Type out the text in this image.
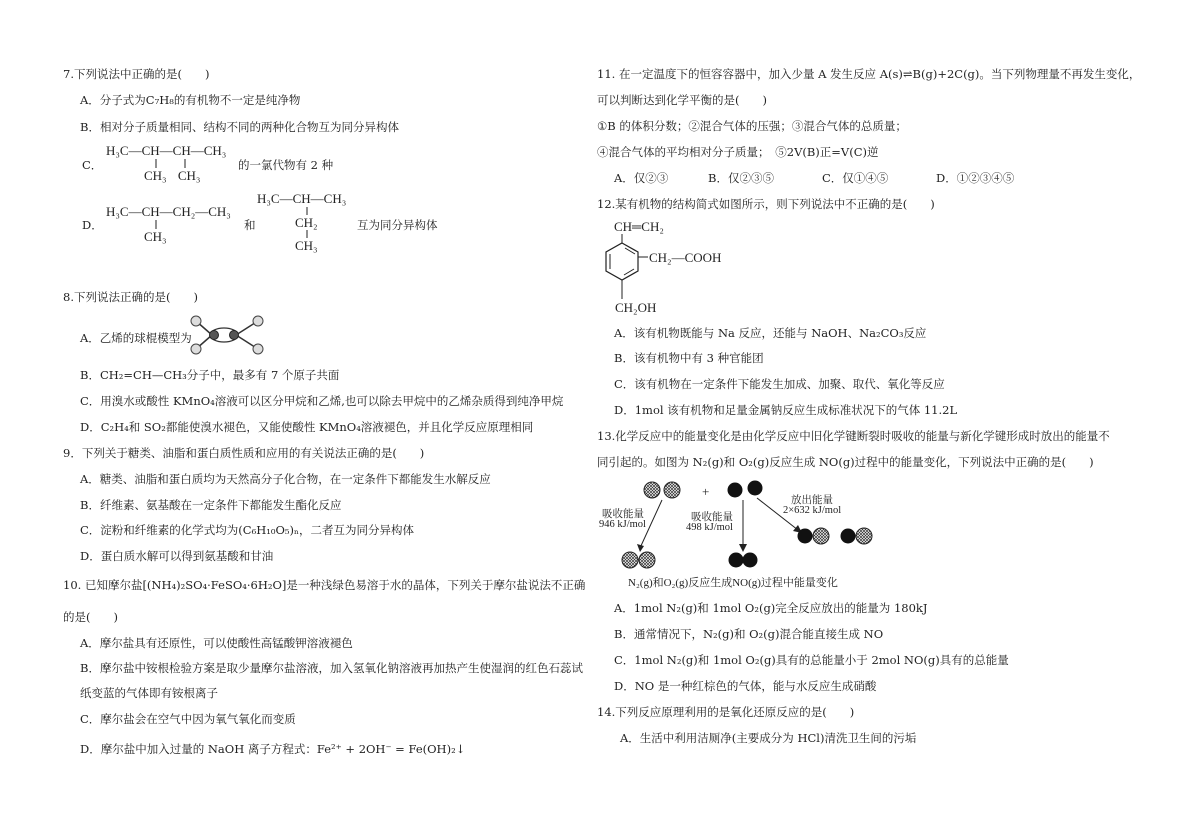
7.下列说法中正确的是(　　)
A．分子式为C₇H₈的有机物不一定是纯净物
B．相对分子质量相同、结构不同的两种化合物互为同分异构体
C．
H₃C—CH—CH—CH₃
CH₃ CH₃
的一氯代物有 2 种
D．
H₃C—CH—CH₂—CH₃
CH₃
和
H₃C—CH—CH₃
CH₂
CH₃
互为同分异构体
8.下列说法正确的是(　　)
A．乙烯的球棍模型为
B．CH₂=CH—CH₃分子中，最多有 7 个原子共面
C．用溴水或酸性 KMnO₄溶液可以区分甲烷和乙烯,也可以除去甲烷中的乙烯杂质得到纯净甲烷
D．C₂H₄和 SO₂都能使溴水褪色，又能使酸性 KMnO₄溶液褪色，并且化学反应原理相同
9．下列关于糖类、油脂和蛋白质性质和应用的有关说法正确的是(　　)
A．糖类、油脂和蛋白质均为天然高分子化合物，在一定条件下都能发生水解反应
B．纤维素、氨基酸在一定条件下都能发生酯化反应
C．淀粉和纤维素的化学式均为(C₆H₁₀O₅)ₙ，二者互为同分异构体
D．蛋白质水解可以得到氨基酸和甘油
10. 已知摩尔盐[(NH₄)₂SO₄·FeSO₄·6H₂O]是一种浅绿色易溶于水的晶体，下列关于摩尔盐说法不正确
的是(　　)
A．摩尔盐具有还原性，可以使酸性高锰酸钾溶液褪色
B．摩尔盐中铵根检验方案是取少量摩尔盐溶液，加入氢氧化钠溶液再加热产生使湿润的红色石蕊试
纸变蓝的气体即有铵根离子
C．摩尔盐会在空气中因为氧气氧化而变质
D．摩尔盐中加入过量的 NaOH 离子方程式：Fe²⁺ + 2OH⁻ = Fe(OH)₂↓
11. 在一定温度下的恒容容器中，加入少量 A 发生反应 A(s)⇌B(g)+2C(g)。当下列物理量不再发生变化，
可以判断达到化学平衡的是(　　)
①B 的体积分数；②混合气体的压强；③混合气体的总质量；
④混合气体的平均相对分子质量；　⑤2V(B)正=V(C)逆
A．仅②③	B．仅②③⑤	C．仅①④⑤	D．①②③④⑤
12.某有机物的结构简式如图所示，则下列说法中不正确的是(　　)
CH═CH₂
CH₂—COOH
CH₂OH
A．该有机物既能与 Na 反应，还能与 NaOH、Na₂CO₃反应
B．该有机物中有 3 种官能团
C．该有机物在一定条件下能发生加成、加聚、取代、氧化等反应
D．1mol 该有机物和足量金属钠反应生成标准状况下的气体 11.2L
13.化学反应中的能量变化是由化学反应中旧化学键断裂时吸收的能量与新化学键形成时放出的能量不
同引起的。如图为 N₂(g)和 O₂(g)反应生成 NO(g)过程中的能量变化，下列说法中正确的是(　　)
+
吸收能量
946 kJ/mol
吸收能量
498 kJ/mol
放出能量
2×632 kJ/mol
N₂(g)和O₂(g)反应生成NO(g)过程中能量变化
A．1mol N₂(g)和 1mol O₂(g)完全反应放出的能量为 180kJ
B．通常情况下，N₂(g)和 O₂(g)混合能直接生成 NO
C．1mol N₂(g)和 1mol O₂(g)具有的总能量小于 2mol NO(g)具有的总能量
D．NO 是一种红棕色的气体，能与水反应生成硝酸
14.下列反应原理利用的是氧化还原反应的是(　　)
A．生活中利用洁厕净(主要成分为 HCl)清洗卫生间的污垢
